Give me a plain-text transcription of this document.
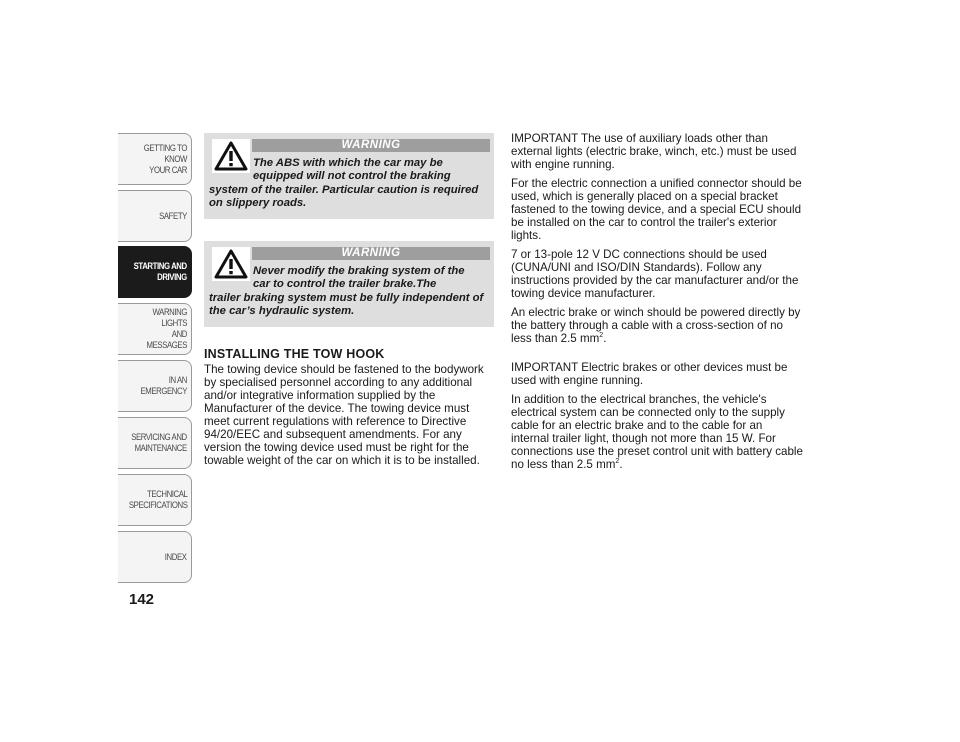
GETTING TO KNOW
YOUR CAR
SAFETY
STARTING AND
DRIVING
WARNING LIGHTS
AND MESSAGES
IN AN EMERGENCY
SERVICING AND
MAINTENANCE
TECHNICAL
SPECIFICATIONS
INDEX
142
WARNING
The ABS with which the car may be
equipped will not control the braking
system of the trailer. Particular caution is required on slippery roads.
WARNING
Never modify the braking system of the
car to control the trailer brake.The
trailer braking system must be fully independent of the car’s hydraulic system.
INSTALLING THE TOW HOOK

The towing device should be fastened to the bodywork by specialised personnel according to any additional and/or integrative information supplied by the Manufacturer of the device. The towing device must meet current regulations with reference to Directive 94/20/EEC and subsequent amendments. For any version the towing device used must be right for the towable weight of the car on which it is to be installed.

IMPORTANT The use of auxiliary loads other than external lights (electric brake, winch, etc.) must be used with engine running.

For the electric connection a unified connector should be used, which is generally placed on a special bracket fastened to the towing device, and a special ECU should be installed on the car to control the trailer's exterior lights.

7 or 13-pole 12 V DC connections should be used (CUNA/UNI and ISO/DIN Standards). Follow any instructions provided by the car manufacturer and/or the towing device manufacturer.

An electric brake or winch should be powered directly by the battery through a cable with a cross-section of no less than 2.5 $mm^2$.

IMPORTANT Electric brakes or other devices must be used with engine running.

In addition to the electrical branches, the vehicle's electrical system can be connected only to the supply cable for an electric brake and to the cable for an internal trailer light, though not more than 15 W. For connections use the preset control unit with battery cable no less than 2.5 $mm^2$.
